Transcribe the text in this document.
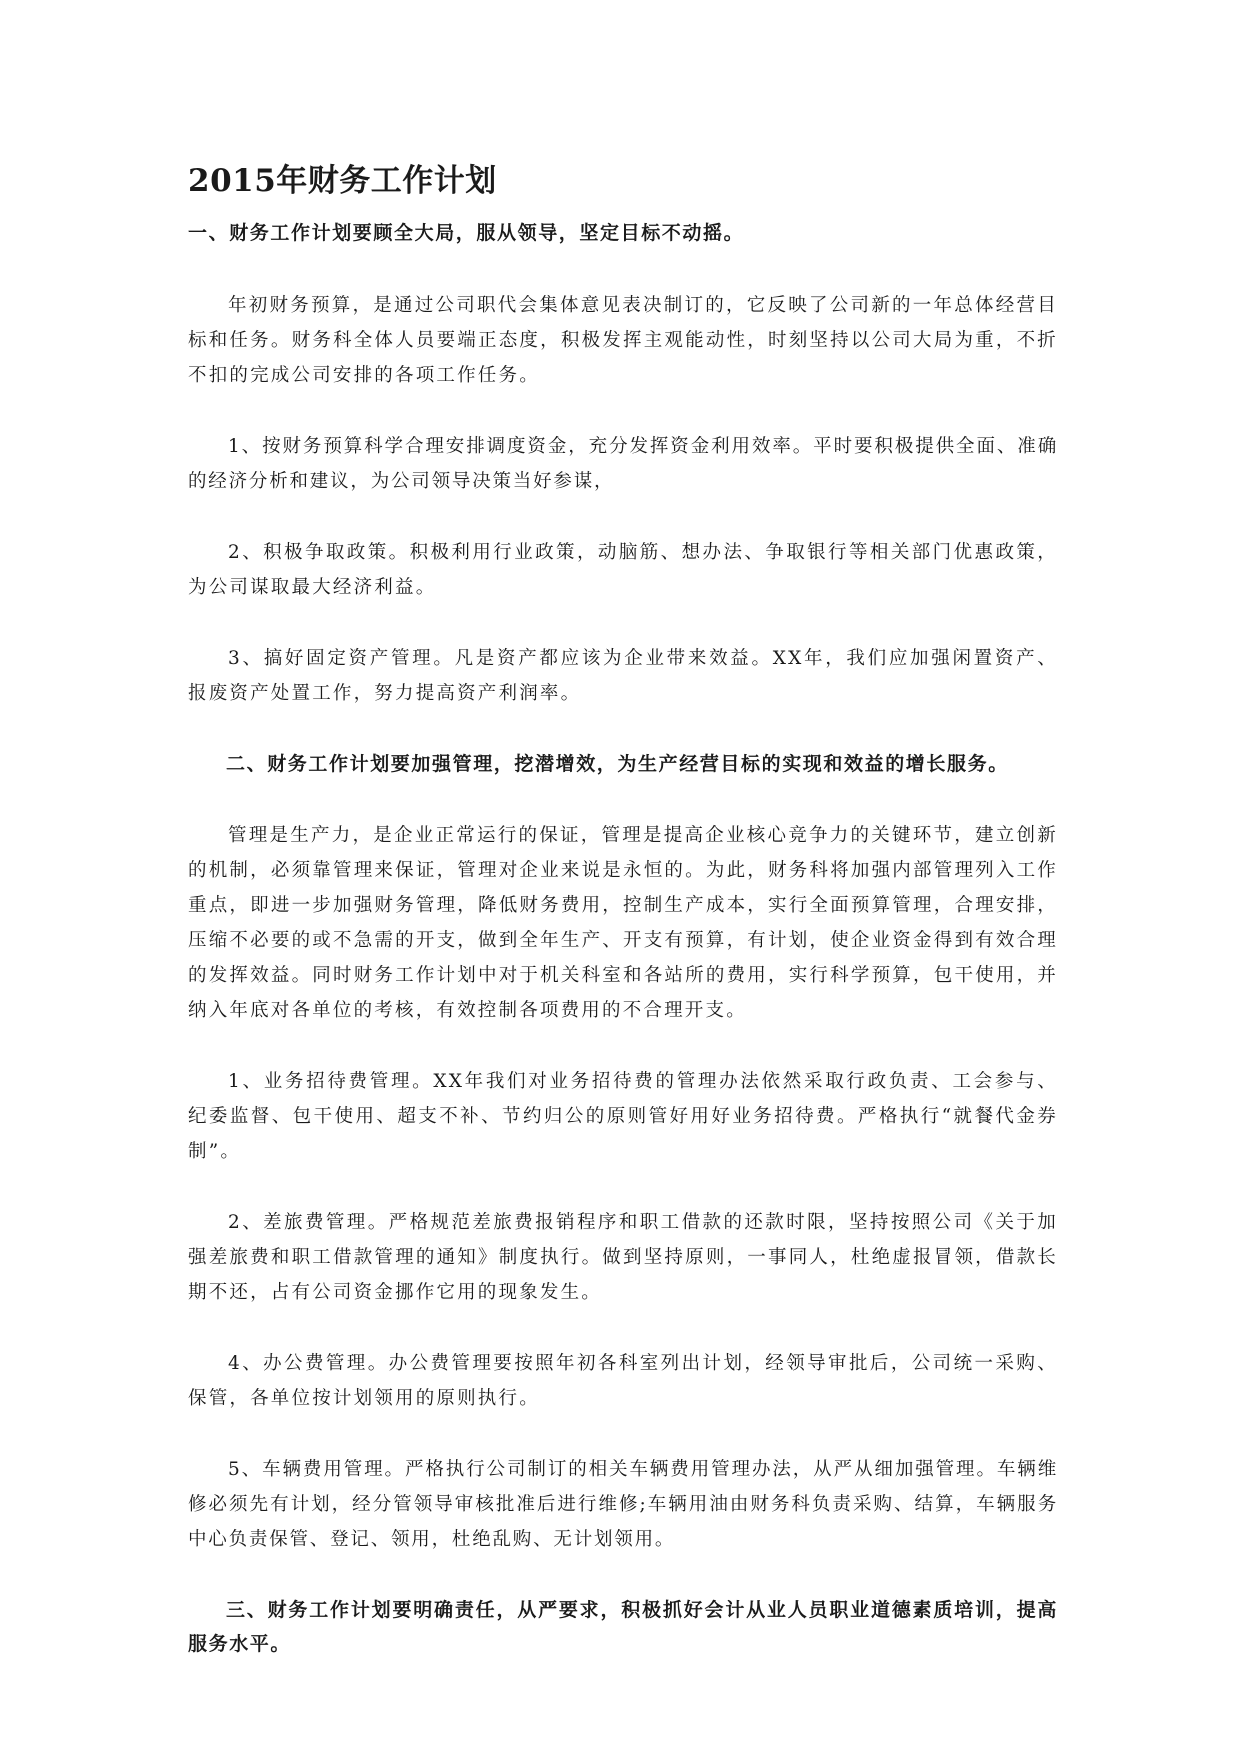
2015年财务工作计划

一、财务工作计划要顾全大局，服从领导，坚定目标不动摇。

年初财务预算，是通过公司职代会集体意见表决制订的，它反映了公司新的一年总体经营目标和任务。财务科全体人员要端正态度，积极发挥主观能动性，时刻坚持以公司大局为重，不折不扣的完成公司安排的各项工作任务。

1、按财务预算科学合理安排调度资金，充分发挥资金利用效率。平时要积极提供全面、准确的经济分析和建议，为公司领导决策当好参谋，

2、积极争取政策。积极利用行业政策，动脑筋、想办法、争取银行等相关部门优惠政策，为公司谋取最大经济利益。

3、搞好固定资产管理。凡是资产都应该为企业带来效益。XX年，我们应加强闲置资产、报废资产处置工作，努力提高资产利润率。

二、财务工作计划要加强管理，挖潜增效，为生产经营目标的实现和效益的增长服务。

管理是生产力，是企业正常运行的保证，管理是提高企业核心竞争力的关键环节，建立创新的机制，必须靠管理来保证，管理对企业来说是永恒的。为此，财务科将加强内部管理列入工作重点，即进一步加强财务管理，降低财务费用，控制生产成本，实行全面预算管理，合理安排，压缩不必要的或不急需的开支，做到全年生产、开支有预算，有计划，使企业资金得到有效合理的发挥效益。同时财务工作计划中对于机关科室和各站所的费用，实行科学预算，包干使用，并纳入年底对各单位的考核，有效控制各项费用的不合理开支。

1、业务招待费管理。XX年我们对业务招待费的管理办法依然采取行政负责、工会参与、纪委监督、包干使用、超支不补、节约归公的原则管好用好业务招待费。严格执行“就餐代金券制”。

2、差旅费管理。严格规范差旅费报销程序和职工借款的还款时限，坚持按照公司《关于加强差旅费和职工借款管理的通知》制度执行。做到坚持原则，一事同人，杜绝虚报冒领，借款长期不还，占有公司资金挪作它用的现象发生。

4、办公费管理。办公费管理要按照年初各科室列出计划，经领导审批后，公司统一采购、保管，各单位按计划领用的原则执行。

5、车辆费用管理。严格执行公司制订的相关车辆费用管理办法，从严从细加强管理。车辆维修必须先有计划，经分管领导审核批准后进行维修;车辆用油由财务科负责采购、结算，车辆服务中心负责保管、登记、领用，杜绝乱购、无计划领用。

三、财务工作计划要明确责任，从严要求，积极抓好会计从业人员职业道德素质培训，提高服务水平。
